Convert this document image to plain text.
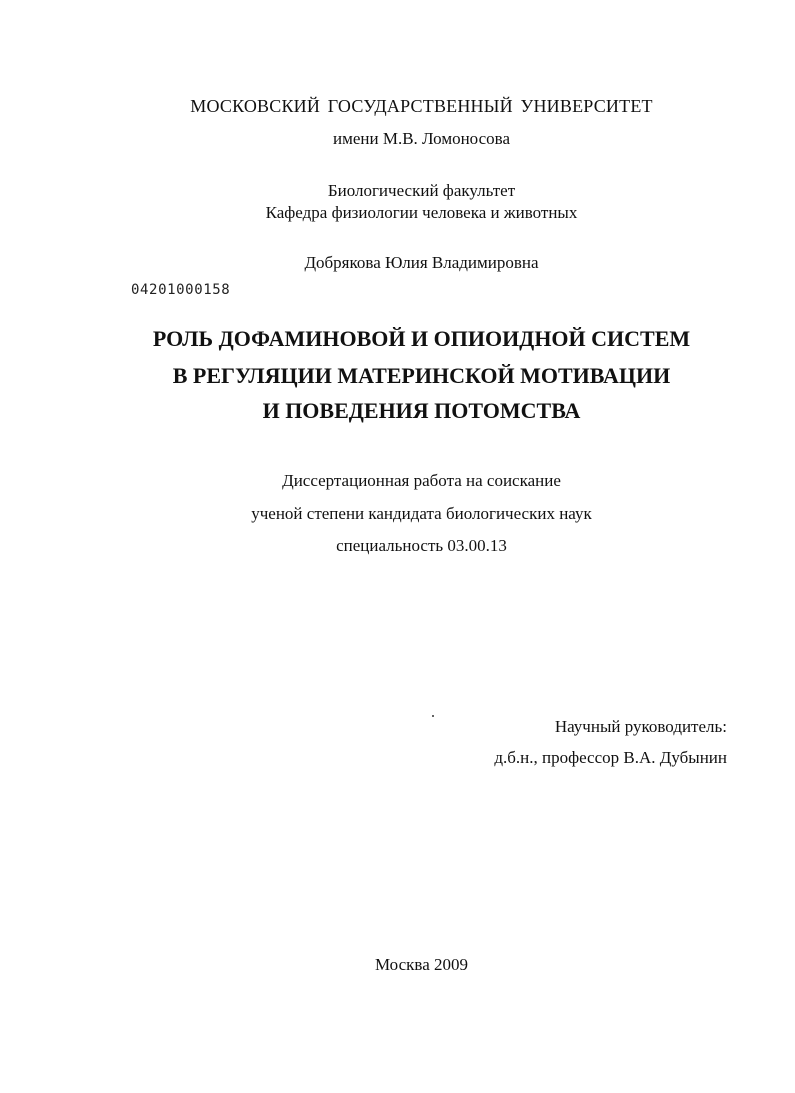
МОСКОВСКИЙ ГОСУДАРСТВЕННЫЙ УНИВЕРСИТЕТ
имени М.В. Ломоносова
Биологический факультет
Кафедра физиологии человека и животных
Добрякова Юлия Владимировна
04201000158
РОЛЬ ДОФАМИНОВОЙ И ОПИОИДНОЙ СИСТЕМ
В РЕГУЛЯЦИИ МАТЕРИНСКОЙ МОТИВАЦИИ
И ПОВЕДЕНИЯ ПОТОМСТВА
Диссертационная работа на соискание
ученой степени кандидата биологических наук
специальность 03.00.13
Научный руководитель:
д.б.н., профессор В.А. Дубынин
Москва 2009
